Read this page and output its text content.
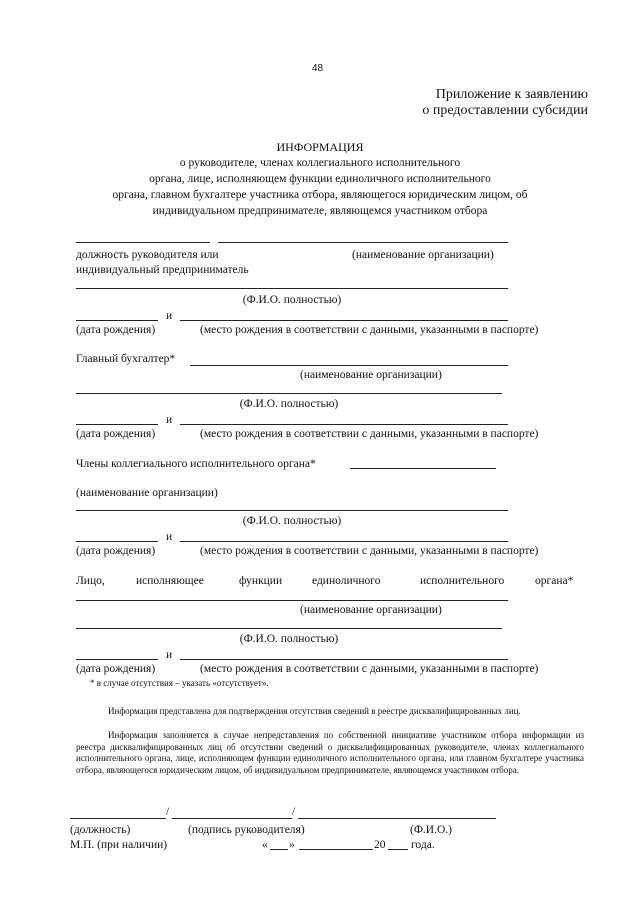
48
Приложение к заявлению
о предоставлении субсидии
ИНФОРМАЦИЯ
о руководителе, членах коллегиального исполнительного
органа, лице, исполняющем функции единоличного исполнительного
органа, главном бухгалтере участника отбора, являющегося юридическим лицом, об
индивидуальном предпринимателе, являющемся участником отбора
должность руководителя или	(наименование организации)
индивидуальный предприниматель
(Ф.И.О. полностью)
и
(дата рождения)	(место рождения в соответствии с данными, указанными в паспорте)
Главный бухгалтер*
(наименование организации)
(Ф.И.О. полностью)
и
(дата рождения)	(место рождения в соответствии с данными, указанными в паспорте)
Члены коллегиального исполнительного органа*
(наименование организации)
(Ф.И.О. полностью)
и
(дата рождения)	(место рождения в соответствии с данными, указанными в паспорте)
Лицо,	исполняющее	функции	единоличного	исполнительного	органа*
(наименование организации)
(Ф.И.О. полностью)
и
(дата рождения)	(место рождения в соответствии с данными, указанными в паспорте)
* в случае отсутствия – указать «отсутствует».
Информация представлена для подтверждения отсутствия сведений в реестре дисквалифицированных лиц.
Информация заполняется в случае непредставления по собственной инициативе участником отбора информации из реестра дисквалифицированных лиц об отсутствии сведений о дисквалифицированных руководителе, членах коллегиального исполнительного органа, лице, исполняющем функции единоличного исполнительного органа, или главном бухгалтере участника отбора, являющегося юридическим лицом, об индивидуальном предпринимателе, являющемся участником отбора.
/	/
(должность)	(подпись руководителя)	(Ф.И.О.)
М.П. (при наличии)	« »	20 года.
